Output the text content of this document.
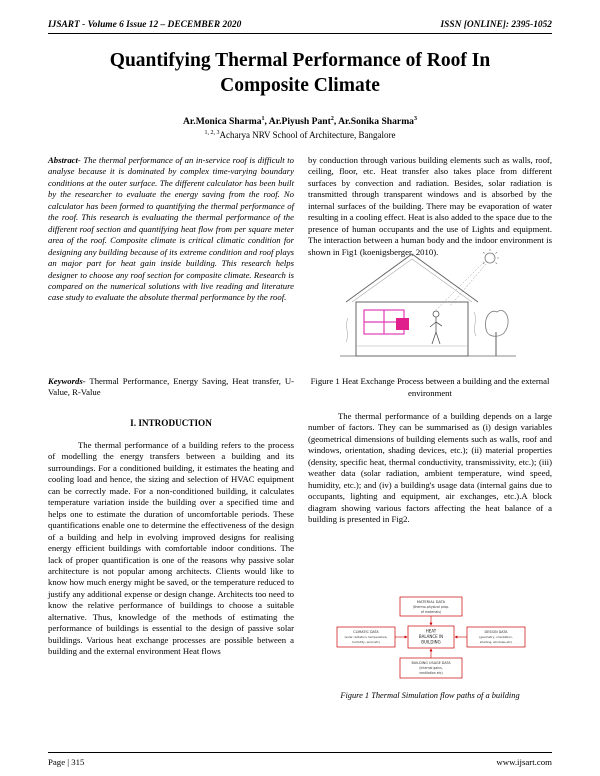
IJSART - Volume 6 Issue 12 – DECEMBER 2020	ISSN [ONLINE]: 2395-1052
Quantifying Thermal Performance of Roof In
Composite Climate
Ar.Monica Sharma$^1$, Ar.Piyush Pant$^2$, Ar.Sonika Sharma$^3$
$^{1, 2, 3}$Acharya NRV School of Architecture, Bangalore

Abstract- The thermal performance of an in-service roof is difficult to analyse because it is dominated by complex time-varying boundary conditions at the outer surface. The different calculator has been built by the researcher to evaluate the energy saving from the roof. No calculator has been formed to quantifying the thermal performance of the roof. This research is evaluating the thermal performance of the different roof section and quantifying heat flow from per square meter area of the roof. Composite climate is critical climatic condition for designing any building because of its extreme condition and roof plays an major part for heat gain inside building. This research helps designer to choose any roof section for composite climate. Research is compared on the numerical solutions with live reading and literature case study to evaluate the absolute thermal performance by the roof.

Keywords- Thermal Performance, Energy Saving, Heat transfer, U-Value, R-Value

I. INTRODUCTION

The thermal performance of a building refers to the process of modelling the energy transfers between a building and its surroundings. For a conditioned building, it estimates the heating and cooling load and hence, the sizing and selection of HVAC equipment can be correctly made. For a non-conditioned building, it calculates temperature variation inside the building over a specified time and helps one to estimate the duration of uncomfortable periods. These quantifications enable one to determine the effectiveness of the design of a building and help in evolving improved designs for realising energy efficient buildings with comfortable indoor conditions. The lack of proper quantification is one of the reasons why passive solar architecture is not popular among architects. Clients would like to know how much energy might be saved, or the temperature reduced to justify any additional expense or design change. Architects too need to know the relative performance of buildings to choose a suitable alternative. Thus, knowledge of the methods of estimating the performance of buildings is essential to the design of passive solar buildings. Various heat exchange processes are possible between a building and the external environment Heat flows

by conduction through various building elements such as walls, roof, ceiling, floor, etc. Heat transfer also takes place from different surfaces by convection and radiation. Besides, solar radiation is transmitted through transparent windows and is absorbed by the internal surfaces of the building. There may be evaporation of water resulting in a cooling effect. Heat is also added to the space due to the presence of human occupants and the use of Lights and equipment. The interaction between a human body and the indoor environment is shown in Fig1 (koenigsberger, 2010).

Figure 1 Heat Exchange Process between a building and the external environment

The thermal performance of a building depends on a large number of factors. They can be summarised as (i) design variables (geometrical dimensions of building elements such as walls, roof and windows, orientation, shading devices, etc.); (ii) material properties (density, specific heat, thermal conductivity, transmissivity, etc.); (iii) weather data (solar radiation, ambient temperature, wind speed, humidity, etc.); and (iv) a building's usage data (internal gains due to occupants, lighting and equipment, air exchanges, etc.).A block diagram showing various factors affecting the heat balance of a building is presented in Fig2.

MATERIAL DATA
(thermo-physical prop.
of materials)
HEAT
BALANCE IN
BUILDING
CLIMATIC DATA
(solar radiation, temperature,
humidity, wind etc)
DESIGN DATA
(geometry, orientation,
shading, windows etc)
BUILDING USAGE DATA
(internal gains,
ventilation etc)
Figure 1 Thermal Simulation flow paths of a building
Page | 315	www.ijsart.com
